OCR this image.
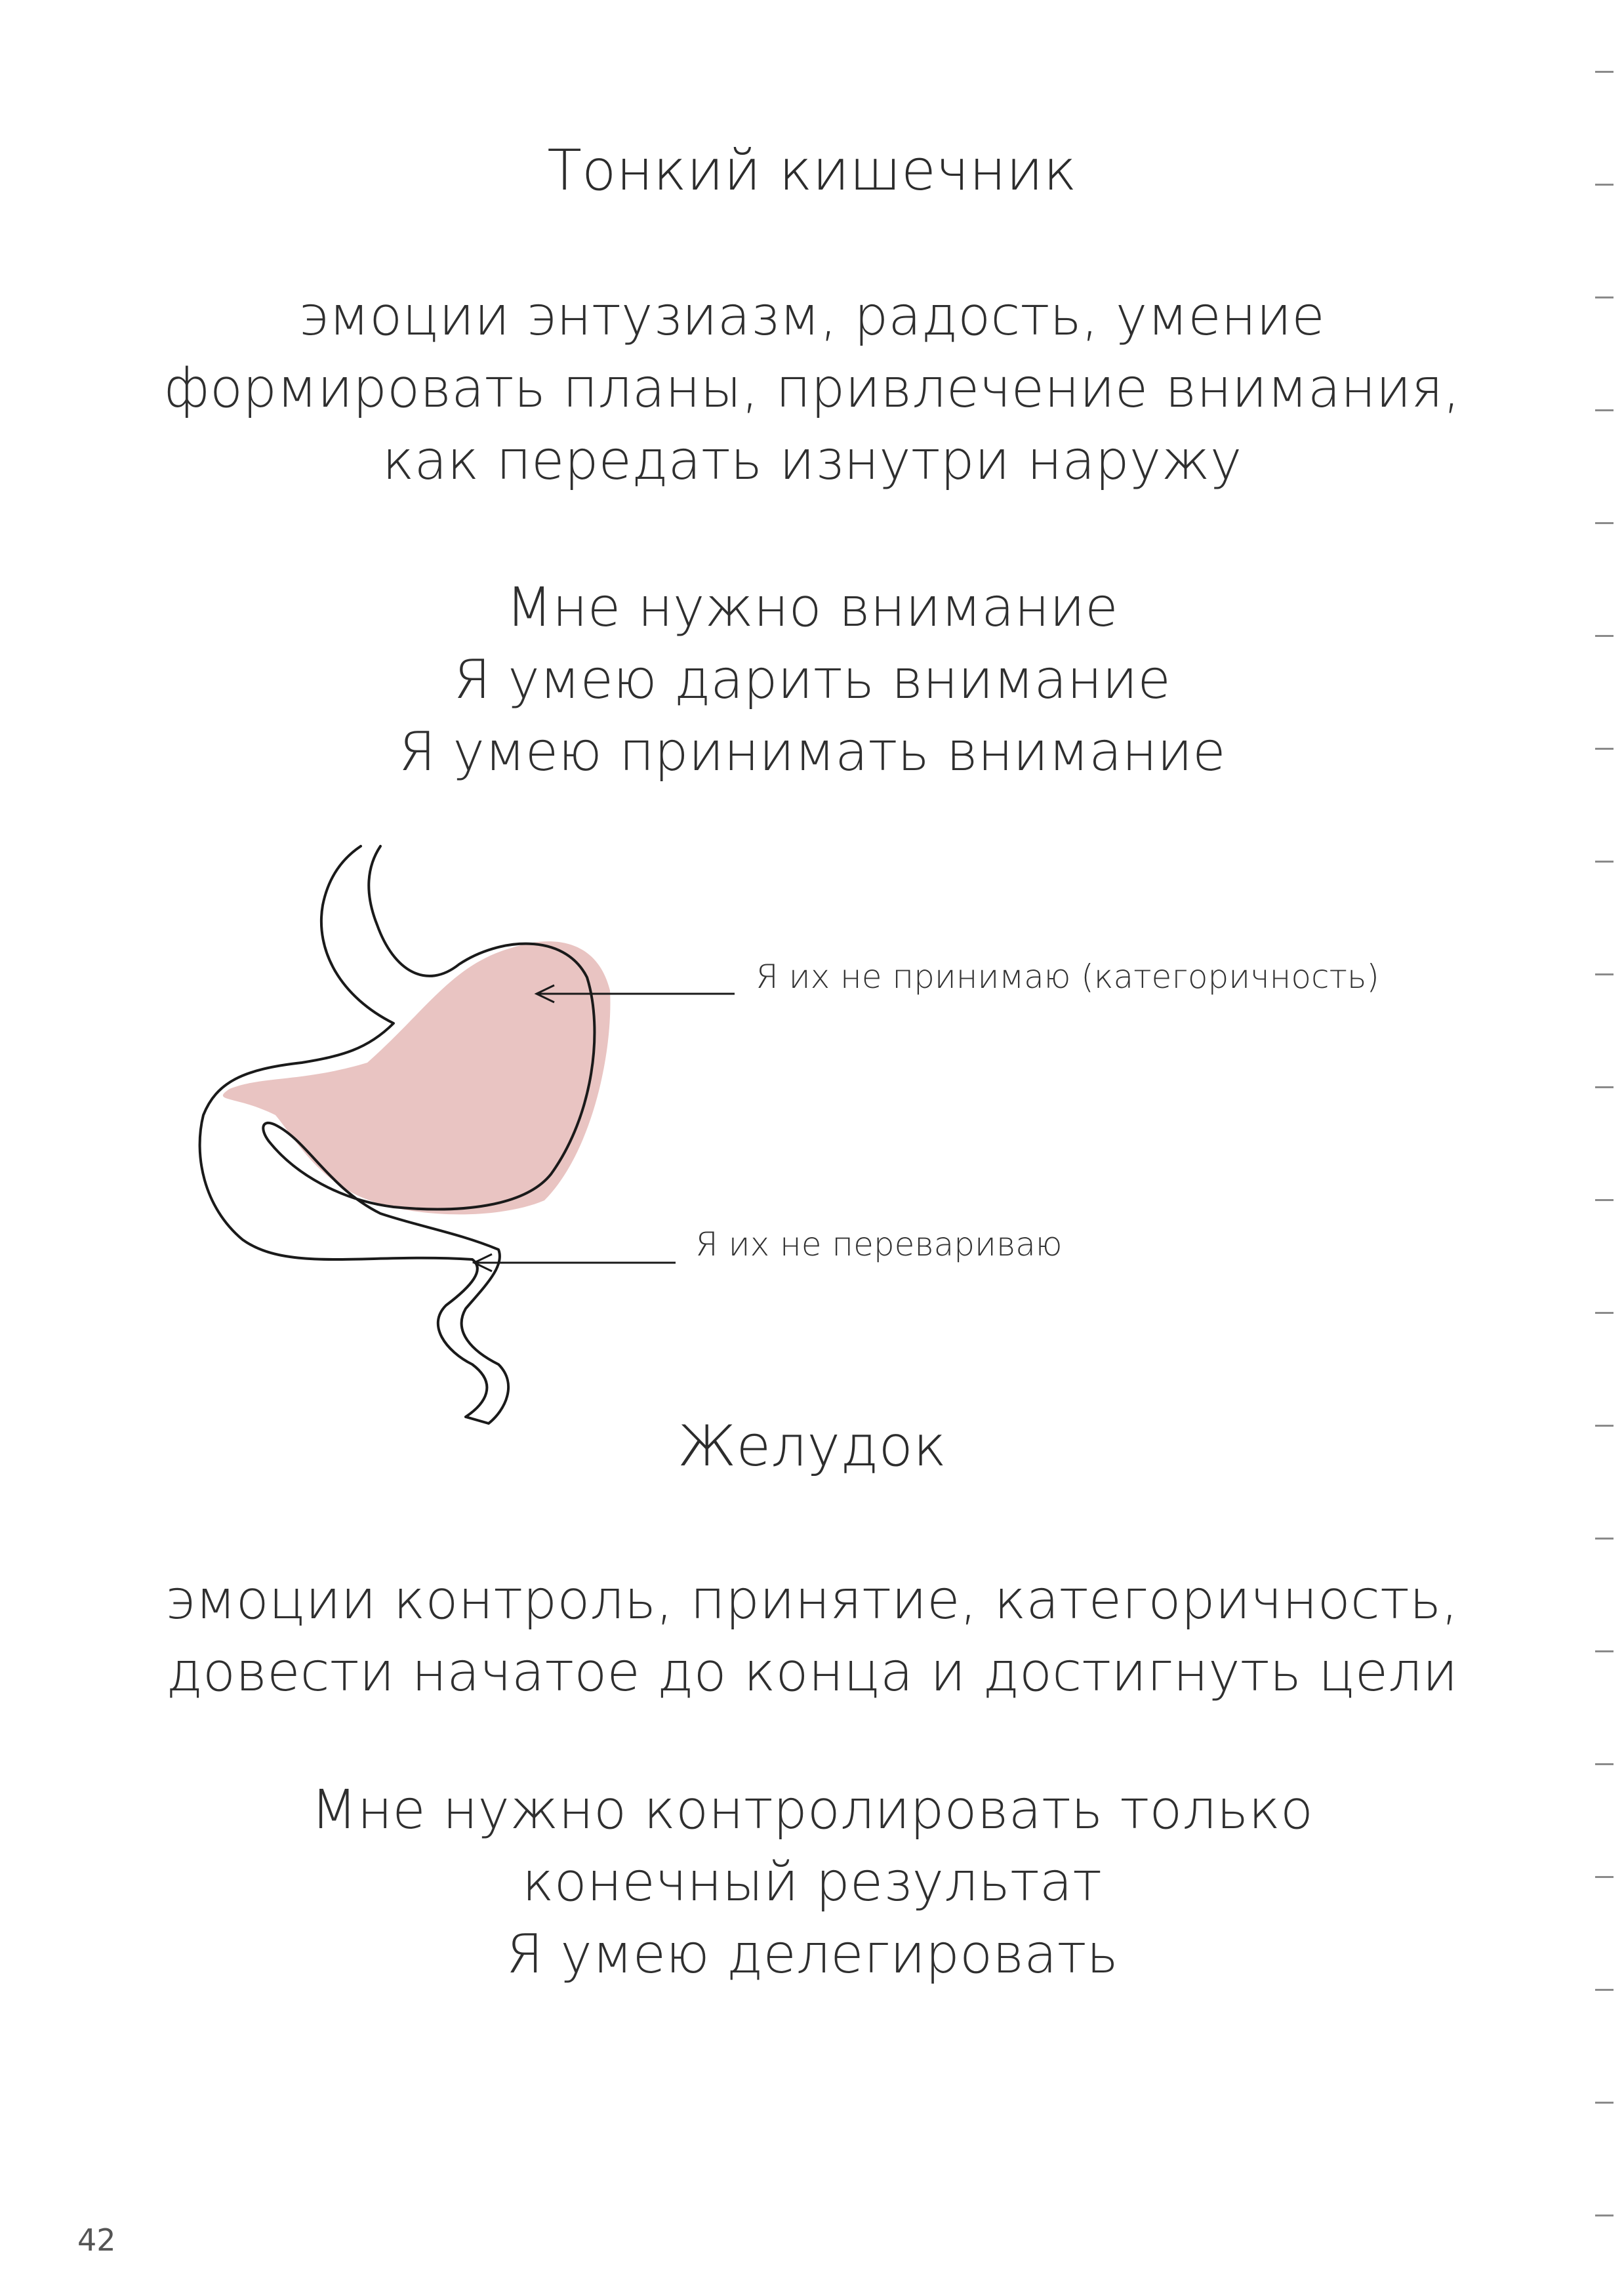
Тонкий кишечник
эмоции энтузиазм, радость, умение
формировать планы, привлечение внимания,
как передать изнутри наружу
Мне нужно внимание
Я умею дарить внимание
Я умею принимать внимание
Я их не принимаю (категоричность)
Я их не перевариваю
Желудок
эмоции контроль, принятие, категоричность,
довести начатое до конца и достигнуть цели
Мне нужно контролировать только
конечный результат
Я умею делегировать
42
